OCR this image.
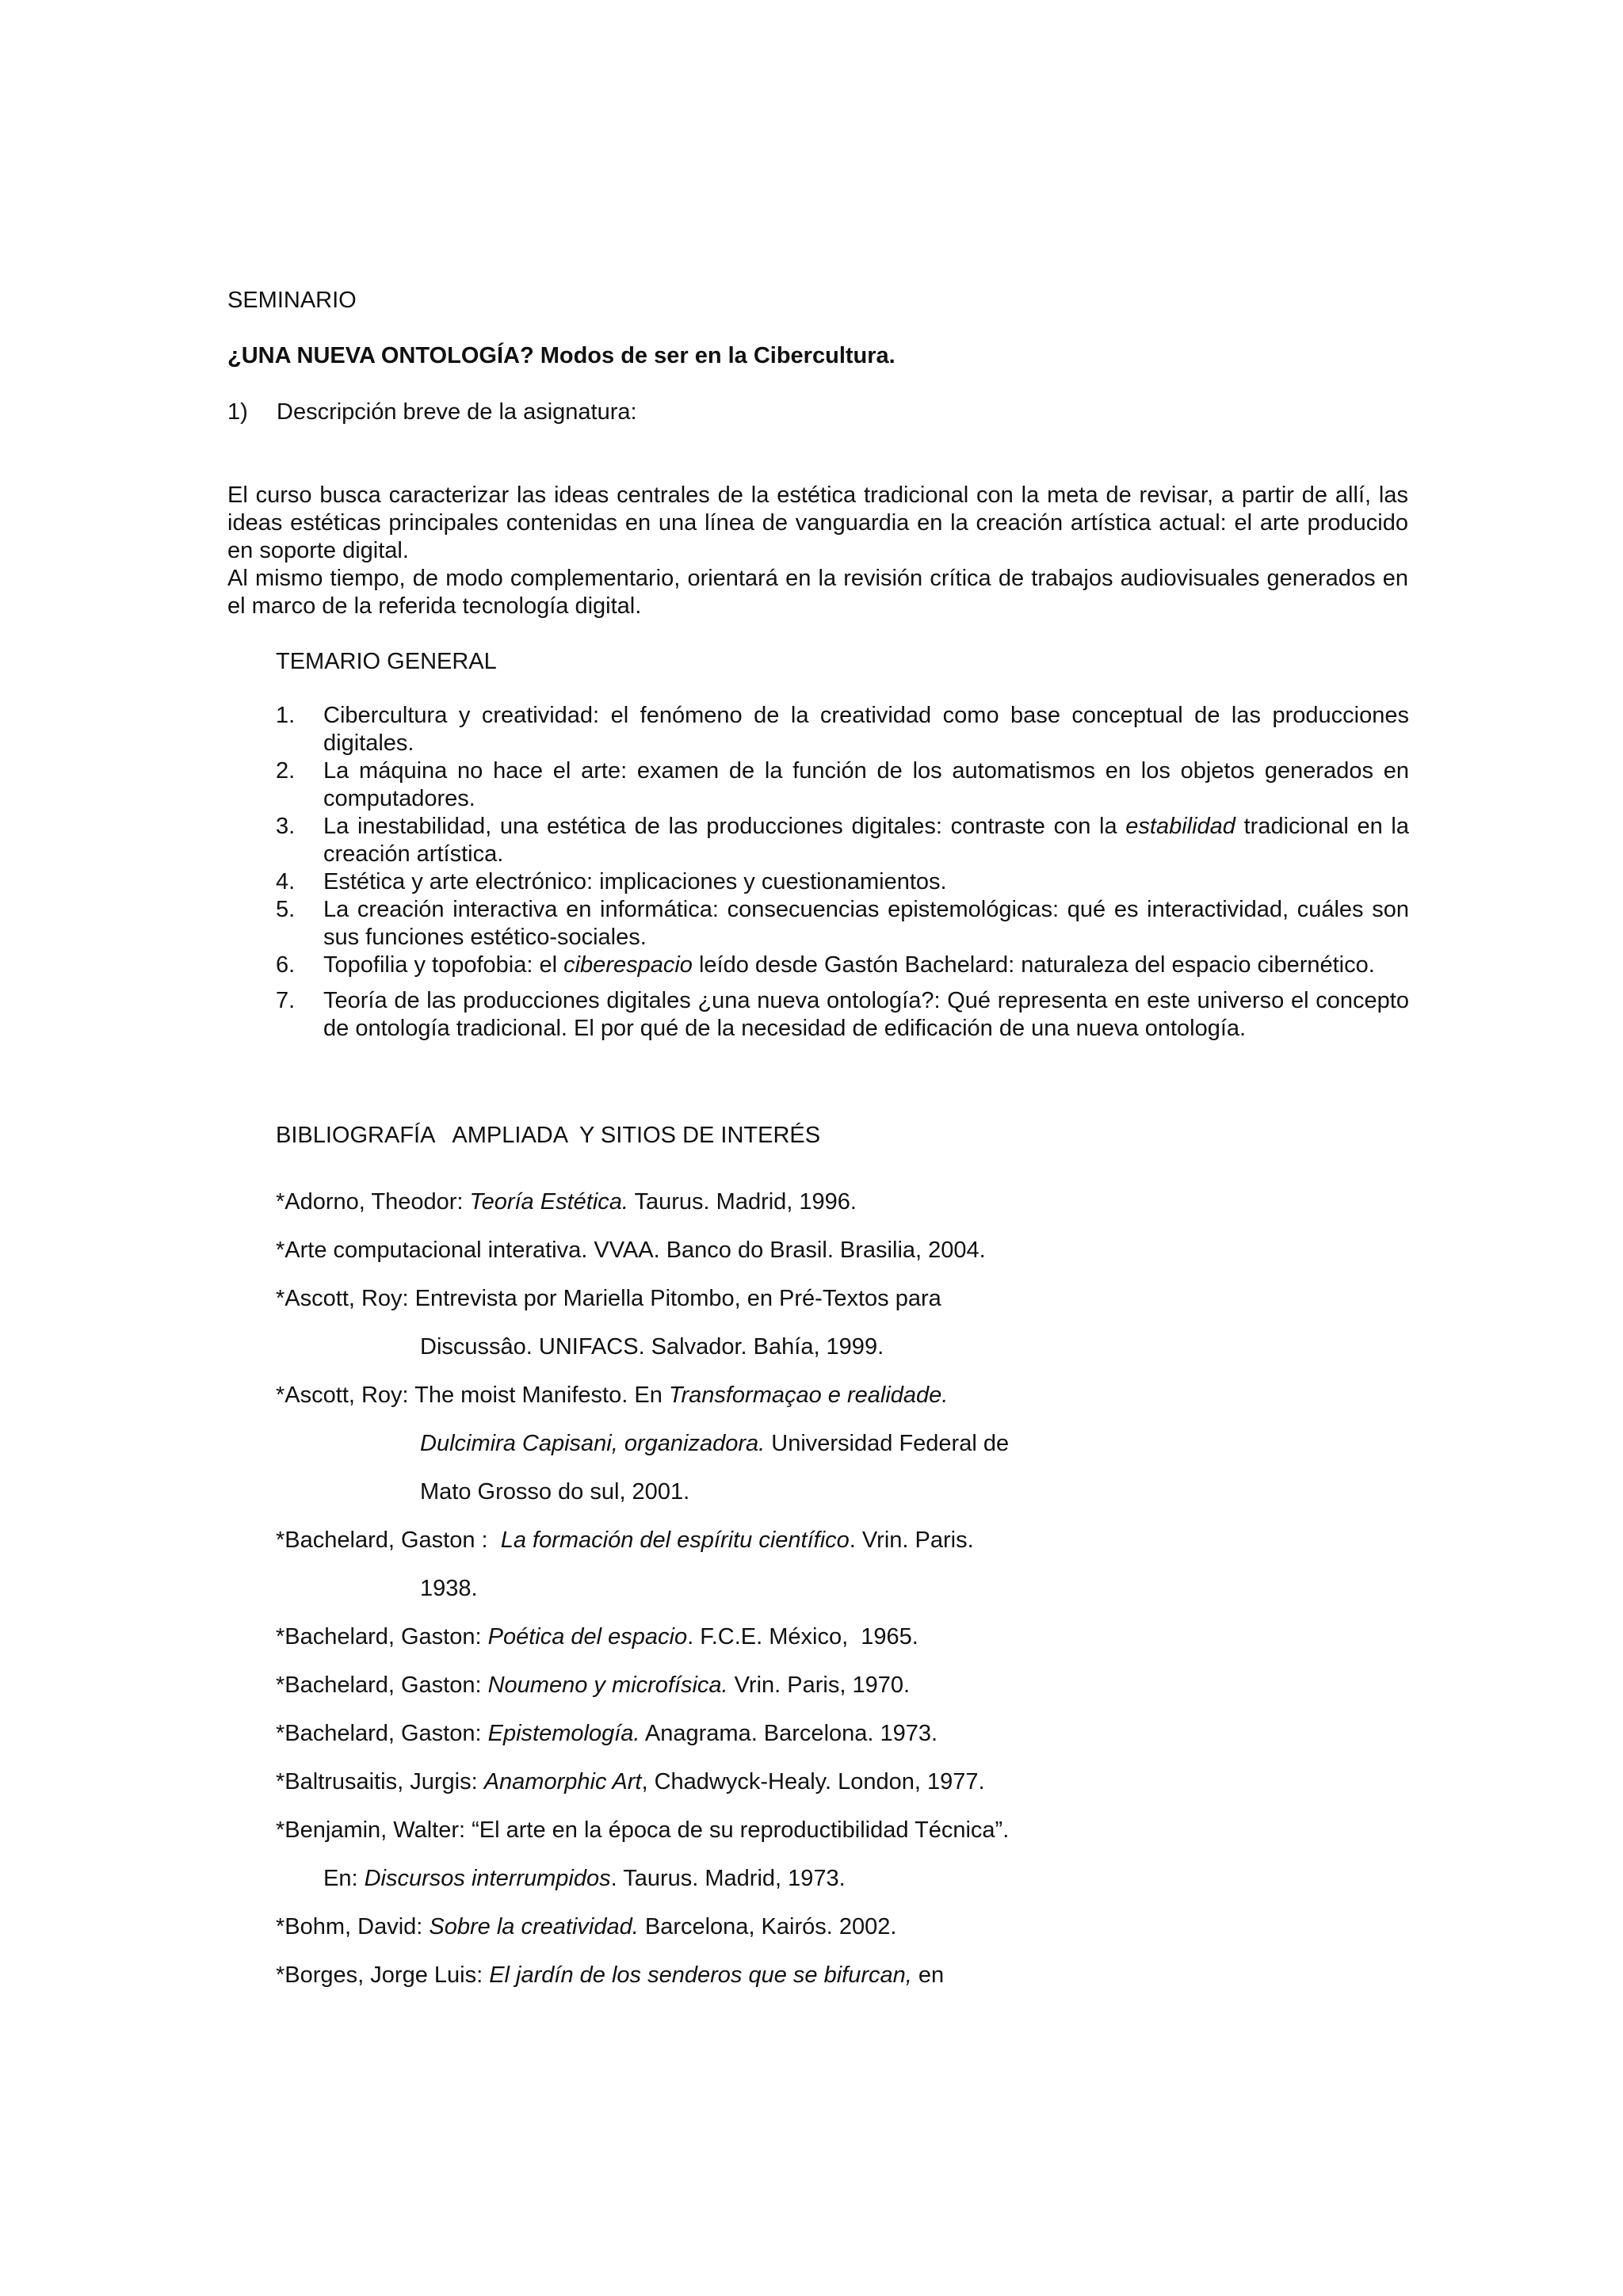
SEMINARIO
¿UNA NUEVA ONTOLOGÍA? Modos de ser en la Cibercultura.
1) Descripción breve de la asignatura:

El curso busca caracterizar las ideas centrales de la estética tradicional con la meta de revisar, a partir de allí, las ideas estéticas principales contenidas en una línea de vanguardia en la creación artística actual: el arte producido en soporte digital.

Al mismo tiempo, de modo complementario, orientará en la revisión crítica de trabajos audiovisuales generados en el marco de la referida tecnología digital.

TEMARIO GENERAL
1.	Cibercultura y creatividad: el fenómeno de la creatividad como base conceptual de las producciones digitales.
2.	La máquina no hace el arte: examen de la función de los automatismos en los objetos generados en computadores.
3.	La inestabilidad, una estética de las producciones digitales: contraste con la estabilidad tradicional en la creación artística.
4.	Estética y arte electrónico: implicaciones y cuestionamientos.
5.	La creación interactiva en informática: consecuencias epistemológicas: qué es interactividad, cuáles son sus funciones estético-sociales.
6.	Topofilia y topofobia: el ciberespacio leído desde Gastón Bachelard: naturaleza del espacio cibernético.
7.	Teoría de las producciones digitales ¿una nueva ontología?: Qué representa en este universo el concepto de ontología tradicional. El por qué de la necesidad de edificación de una nueva ontología.
BIBLIOGRAFÍA   AMPLIADA  Y SITIOS DE INTERÉS
*Adorno, Theodor: Teoría Estética. Taurus. Madrid, 1996.
*Arte computacional interativa. VVAA. Banco do Brasil. Brasilia, 2004.
*Ascott, Roy: Entrevista por Mariella Pitombo, en Pré-Textos para
Discussâo. UNIFACS. Salvador. Bahía, 1999.
*Ascott, Roy: The moist Manifesto. En Transformaçao e realidade.
Dulcimira Capisani, organizadora. Universidad Federal de
Mato Grosso do sul, 2001.
*Bachelard, Gaston :  La formación del espíritu científico. Vrin. Paris.
1938.
*Bachelard, Gaston: Poética del espacio. F.C.E. México,  1965.
*Bachelard, Gaston: Noumeno y microfísica. Vrin. Paris, 1970.
*Bachelard, Gaston: Epistemología. Anagrama. Barcelona. 1973.
*Baltrusaitis, Jurgis: Anamorphic Art, Chadwyck-Healy. London, 1977.
*Benjamin, Walter: “El arte en la época de su reproductibilidad Técnica”.
En: Discursos interrumpidos. Taurus. Madrid, 1973.
*Bohm, David: Sobre la creatividad. Barcelona, Kairós. 2002.
*Borges, Jorge Luis: El jardín de los senderos que se bifurcan, en
